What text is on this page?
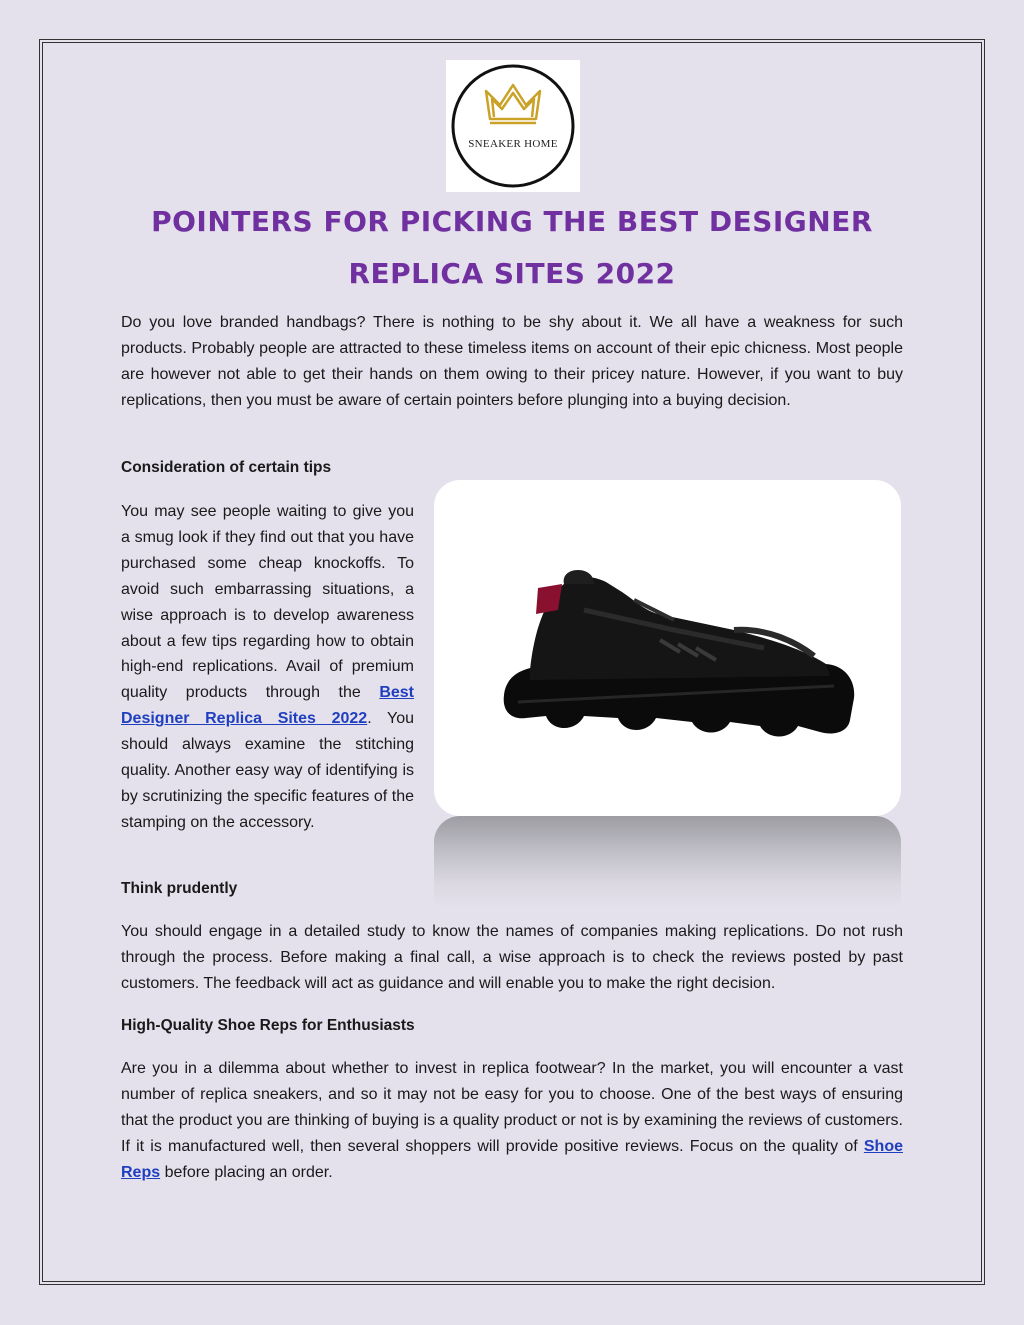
SNEAKER HOME
POINTERS FOR PICKING THE BEST DESIGNER
REPLICA SITES 2022

Do you love branded handbags? There is nothing to be shy about it. We all have a weakness for such products. Probably people are attracted to these timeless items on account of their epic chicness. Most people are however not able to get their hands on them owing to their pricey nature. However, if you want to buy replications, then you must be aware of certain pointers before plunging into a buying decision.

Consideration of certain tips

You may see people waiting to give you a smug look if they find out that you have purchased some cheap knockoffs. To avoid such embarrassing situations, a wise approach is to develop awareness about a few tips regarding how to obtain high-end replications. Avail of premium quality products through the Best Designer Replica Sites 2022. You should always examine the stitching quality. Another easy way of identifying is by scrutinizing the specific features of the stamping on the accessory.

Think prudently

You should engage in a detailed study to know the names of companies making replications. Do not rush through the process. Before making a final call, a wise approach is to check the reviews posted by past customers. The feedback will act as guidance and will enable you to make the right decision.

High-Quality Shoe Reps for Enthusiasts

Are you in a dilemma about whether to invest in replica footwear? In the market, you will encounter a vast number of replica sneakers, and so it may not be easy for you to choose. One of the best ways of ensuring that the product you are thinking of buying is a quality product or not is by examining the reviews of customers. If it is manufactured well, then several shoppers will provide positive reviews. Focus on the quality of Shoe Reps before placing an order.
